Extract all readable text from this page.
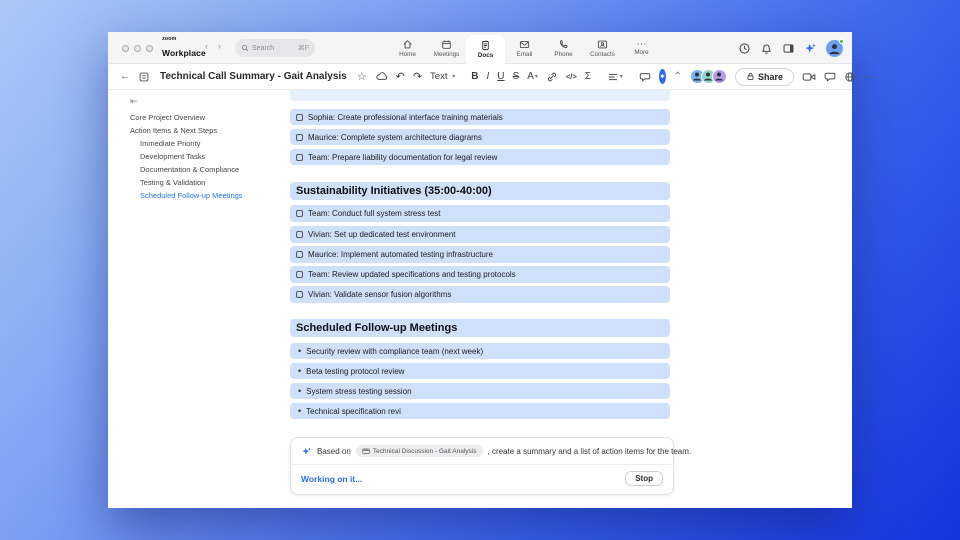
zoom
Workplace
‹ ›	Search	⌘F
Home	Meetings	Docs	Email	Phone	Contacts
⋯
More
←	Technical Call Summary - Gait Analysis ☆	↶ ↷ Text
▾ B I U S A ▾	</> Σ	▾	✦ ⌃	Share	⋯
⇤
Core Project Overview
Action Items & Next Steps
Immediate Priority
Development Tasks
Documentation & Compliance
Testing & Validation
Scheduled Follow-up Meetings
Sophia: Create professional interface training materials
Maurice: Complete system architecture diagrams
Team: Prepare liability documentation for legal review
Sustainability Initiatives (35:00-40:00)
Team: Conduct full system stress test
Vivian: Set up dedicated test environment
Maurice: Implement automated testing infrastructure
Team: Review updated specifications and testing protocols
Vivian: Validate sensor fusion algorithms
Scheduled Follow-up Meetings
• Security review with compliance team (next week)
• Beta testing protocol review
• System stress testing session
• Technical specification revi
Based on	Technical Discussion - Gait Analysis , create a summary and a list of action items for the team.
Working on it...	Stop
